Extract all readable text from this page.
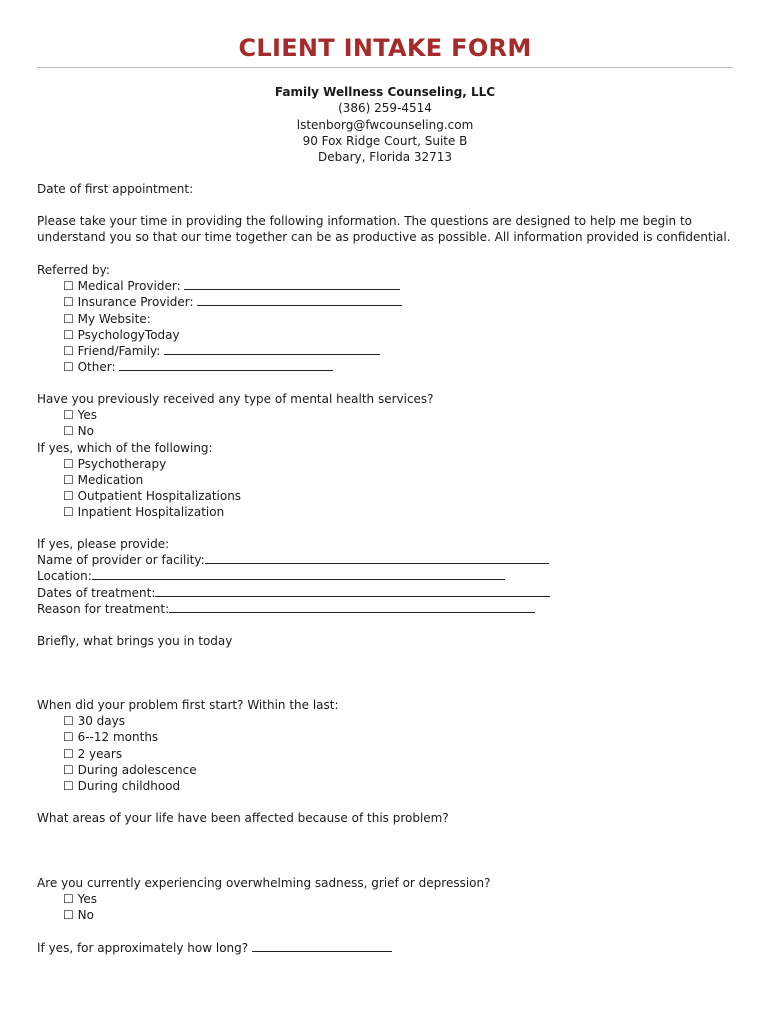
CLIENT INTAKE FORM
Family Wellness Counseling, LLC
(386) 259-4514
lstenborg@fwcounseling.com
90 Fox Ridge Court, Suite B
Debary, Florida 32713
Date of first appointment:
Please take your time in providing the following information. The questions are designed to help me begin to
understand you so that our time together can be as productive as possible. All information provided is confidential.
Referred by:
☐ Medical Provider:
☐ Insurance Provider:
☐ My Website:
☐ PsychologyToday
☐ Friend/Family:
☐ Other:
Have you previously received any type of mental health services?
☐ Yes
☐ No
If yes, which of the following:
☐ Psychotherapy
☐ Medication
☐ Outpatient Hospitalizations
☐ Inpatient Hospitalization
If yes, please provide:
Name of provider or facility:
Location:
Dates of treatment:
Reason for treatment:
Briefly, what brings you in today
When did your problem first start? Within the last:
☐ 30 days
☐ 6--12 months
☐ 2 years
☐ During adolescence
☐ During childhood
What areas of your life have been affected because of this problem?
Are you currently experiencing overwhelming sadness, grief or depression?
☐ Yes
☐ No
If yes, for approximately how long?
